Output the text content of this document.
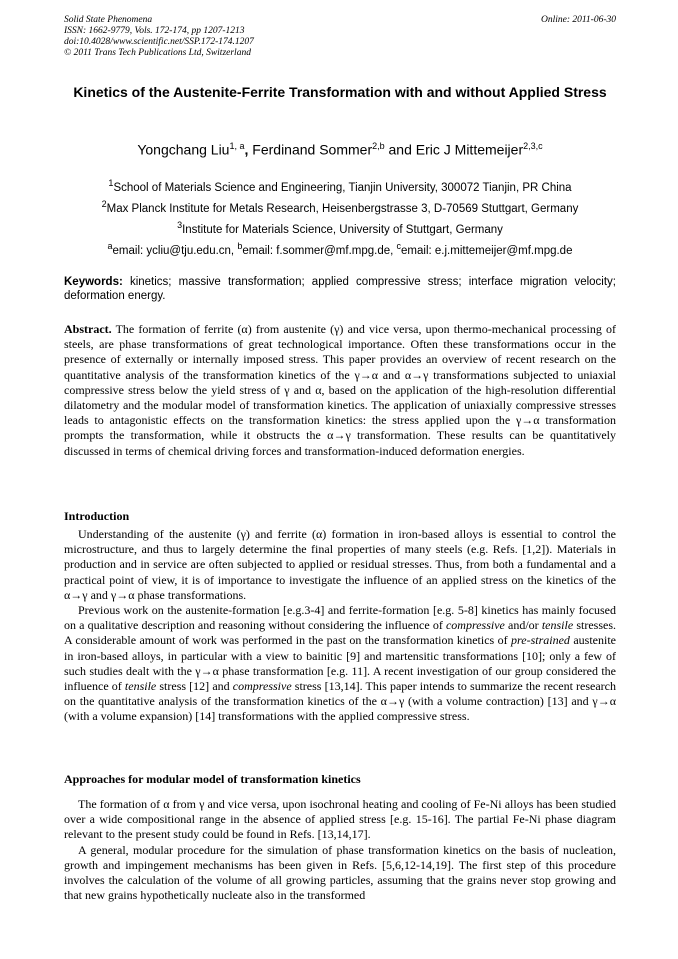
Solid State Phenomena
ISSN: 1662-9779, Vols. 172-174, pp 1207-1213
doi:10.4028/www.scientific.net/SSP.172-174.1207
© 2011 Trans Tech Publications Ltd, Switzerland
Online: 2011-06-30
Kinetics of the Austenite-Ferrite Transformation with and without Applied Stress
Yongchang Liu$^{1, a}$, Ferdinand Sommer$^{2,b}$ and Eric J Mittemeijer$^{2,3,c}$
$^1$School of Materials Science and Engineering, Tianjin University, 300072 Tianjin, PR China
$^2$Max Planck Institute for Metals Research, Heisenbergstrasse 3, D-70569 Stuttgart, Germany
$^3$Institute for Materials Science, University of Stuttgart, Germany
$^a$email: ycliu@tju.edu.cn, $^b$email: f.sommer@mf.mpg.de, $^c$email: e.j.mittemeijer@mf.mpg.de
Keywords: kinetics; massive transformation; applied compressive stress; interface migration velocity; deformation energy.

Abstract. The formation of ferrite (α) from austenite (γ) and vice versa, upon thermo-mechanical processing of steels, are phase transformations of great technological importance. Often these transformations occur in the presence of externally or internally imposed stress. This paper provides an overview of recent research on the quantitative analysis of the transformation kinetics of the γ→α and α→γ transformations subjected to uniaxial compressive stress below the yield stress of γ and α, based on the application of the high-resolution differential dilatometry and the modular model of transformation kinetics. The application of uniaxially compressive stresses leads to antagonistic effects on the transformation kinetics: the stress applied upon the γ→α transformation prompts the transformation, while it obstructs the α→γ transformation. These results can be quantitatively discussed in terms of chemical driving forces and transformation-induced deformation energies.

Introduction

Understanding of the austenite (γ) and ferrite (α) formation in iron-based alloys is essential to control the microstructure, and thus to largely determine the final properties of many steels (e.g. Refs. [1,2]). Materials in production and in service are often subjected to applied or residual stresses. Thus, from both a fundamental and a practical point of view, it is of importance to investigate the influence of an applied stress on the kinetics of the α→γ and γ→α phase transformations.

Previous work on the austenite-formation [e.g.3-4] and ferrite-formation [e.g. 5-8] kinetics has mainly focused on a qualitative description and reasoning without considering the influence of compressive and/or tensile stresses. A considerable amount of work was performed in the past on the transformation kinetics of pre-strained austenite in iron-based alloys, in particular with a view to bainitic [9] and martensitic transformations [10]; only a few of such studies dealt with the γ→α phase transformation [e.g. 11]. A recent investigation of our group considered the influence of tensile stress [12] and compressive stress [13,14]. This paper intends to summarize the recent research on the quantitative analysis of the transformation kinetics of the α→γ (with a volume contraction) [13] and γ→α (with a volume expansion) [14] transformations with the applied compressive stress.

Approaches for modular model of transformation kinetics

The formation of α from γ and vice versa, upon isochronal heating and cooling of Fe-Ni alloys has been studied over a wide compositional range in the absence of applied stress [e.g. 15-16]. The partial Fe-Ni phase diagram relevant to the present study could be found in Refs. [13,14,17].

A general, modular procedure for the simulation of phase transformation kinetics on the basis of nucleation, growth and impingement mechanisms has been given in Refs. [5,6,12-14,19]. The first step of this procedure involves the calculation of the volume of all growing particles, assuming that the grains never stop growing and that new grains hypothetically nucleate also in the transformed
